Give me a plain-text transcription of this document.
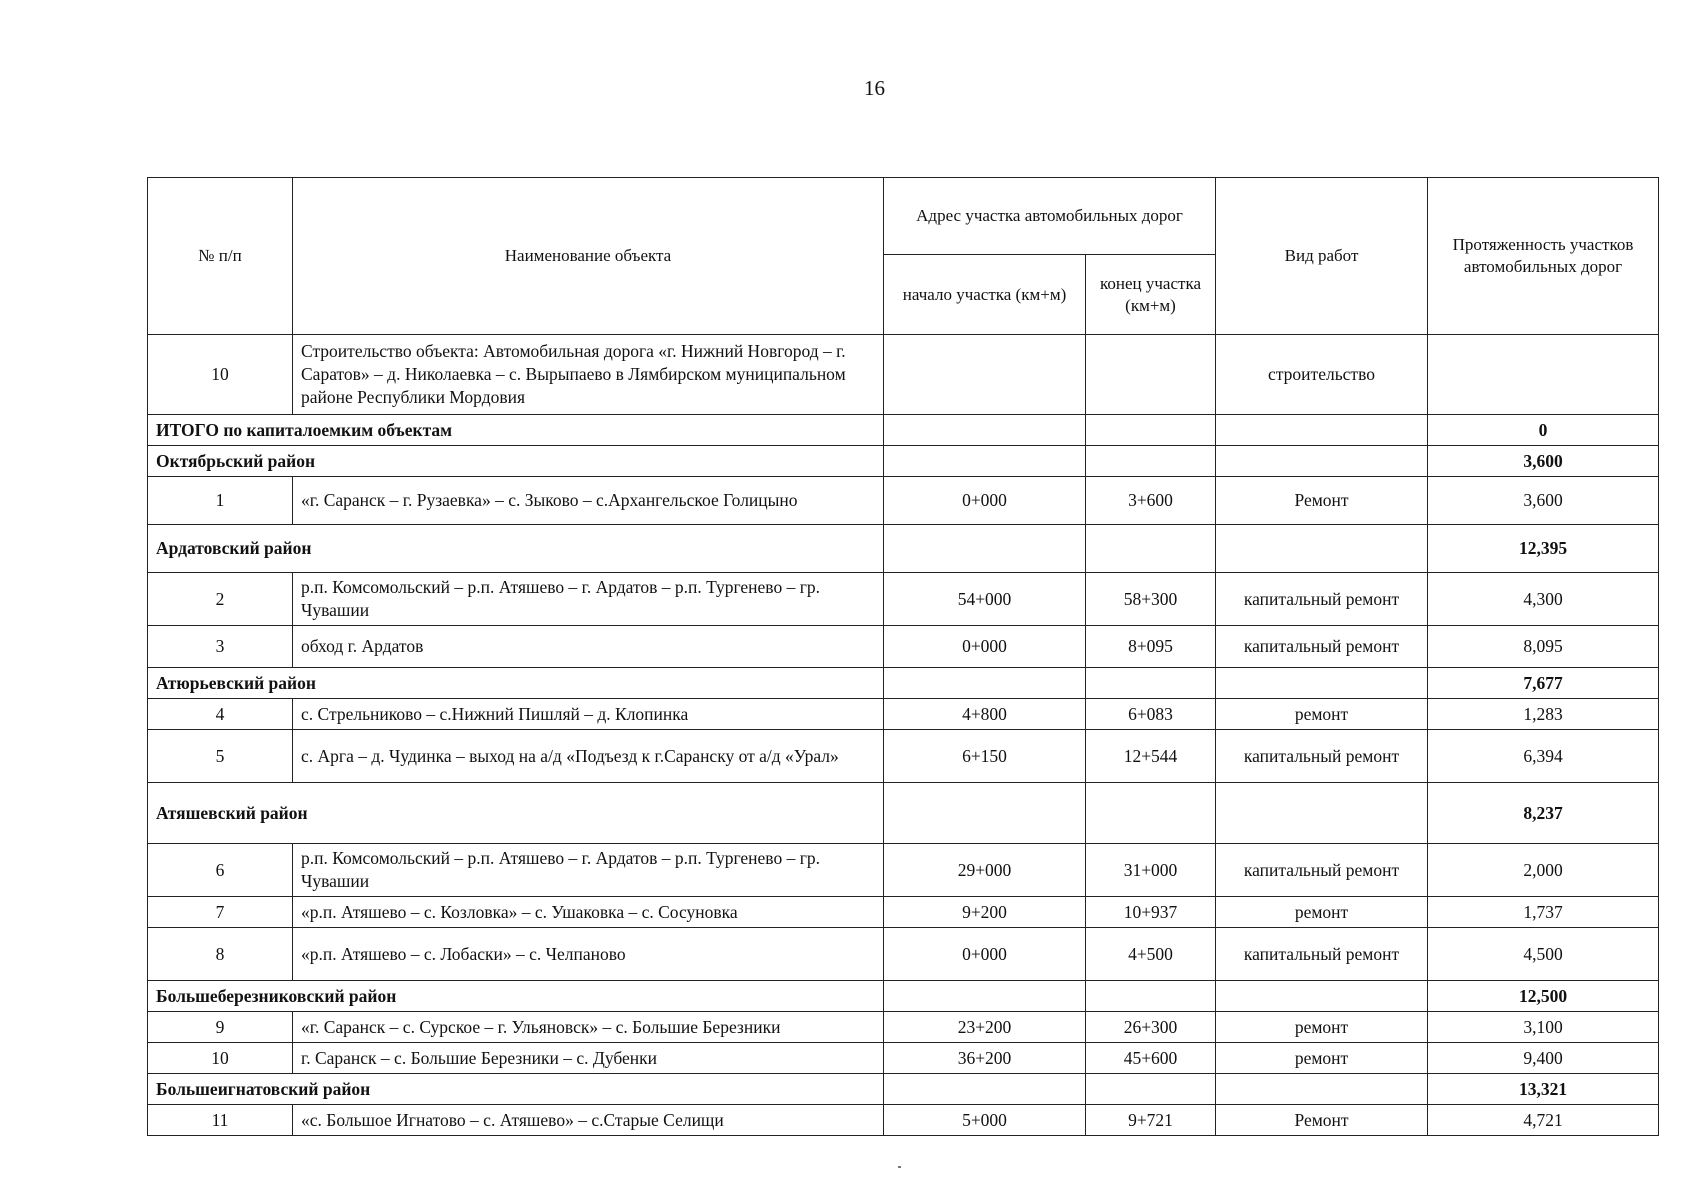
16
№ п/п	Наименование объекта	Адрес участка автомобильных дорог		Вид работ	Протяженность участков автомобильных дорог
		начало участка (км+м)	конец участка (км+м)		
10	Строительство объекта: Автомобильная дорога «г. Нижний Новгород – г. Саратов» – д. Николаевка – с. Вырыпаево в Лямбирском муниципальном районе Республики Мордовия			строительство	
ИТОГО по капиталоемким объектам					0
Октябрьский район					3,600
1	«г. Саранск – г. Рузаевка» – с. Зыково – с.Архангельское Голицыно	0+000	3+600	Ремонт	3,600
Ардатовский район					12,395
2	р.п. Комсомольский – р.п. Атяшево – г. Ардатов – р.п. Тургенево – гр. Чувашии	54+000	58+300	капитальный ремонт	4,300
3	обход г. Ардатов	0+000	8+095	капитальный ремонт	8,095
Атюрьевский район					7,677
4	с. Стрельниково – с.Нижний Пишляй – д. Клопинка	4+800	6+083	ремонт	1,283
5	с. Арга – д. Чудинка – выход на а/д «Подъезд к г.Саранску от а/д «Урал»	6+150	12+544	капитальный ремонт	6,394
Атяшевский район					8,237
6	р.п. Комсомольский – р.п. Атяшево – г. Ардатов – р.п. Тургенево – гр. Чувашии	29+000	31+000	капитальный ремонт	2,000
7	«р.п. Атяшево – с. Козловка» – с. Ушаковка – с. Сосуновка	9+200	10+937	ремонт	1,737
8	«р.п. Атяшево – с. Лобаски» – с. Челпаново	0+000	4+500	капитальный ремонт	4,500
Большеберезниковский район					12,500
9	«г. Саранск – с. Сурское – г. Ульяновск» – с. Большие Березники	23+200	26+300	ремонт	3,100
10	г. Саранск – с. Большие Березники – с. Дубенки	36+200	45+600	ремонт	9,400
Большеигнатовский район					13,321
11	«с. Большое Игнатово – с. Атяшево» – с.Старые Селищи	5+000	9+721	Ремонт	4,721
